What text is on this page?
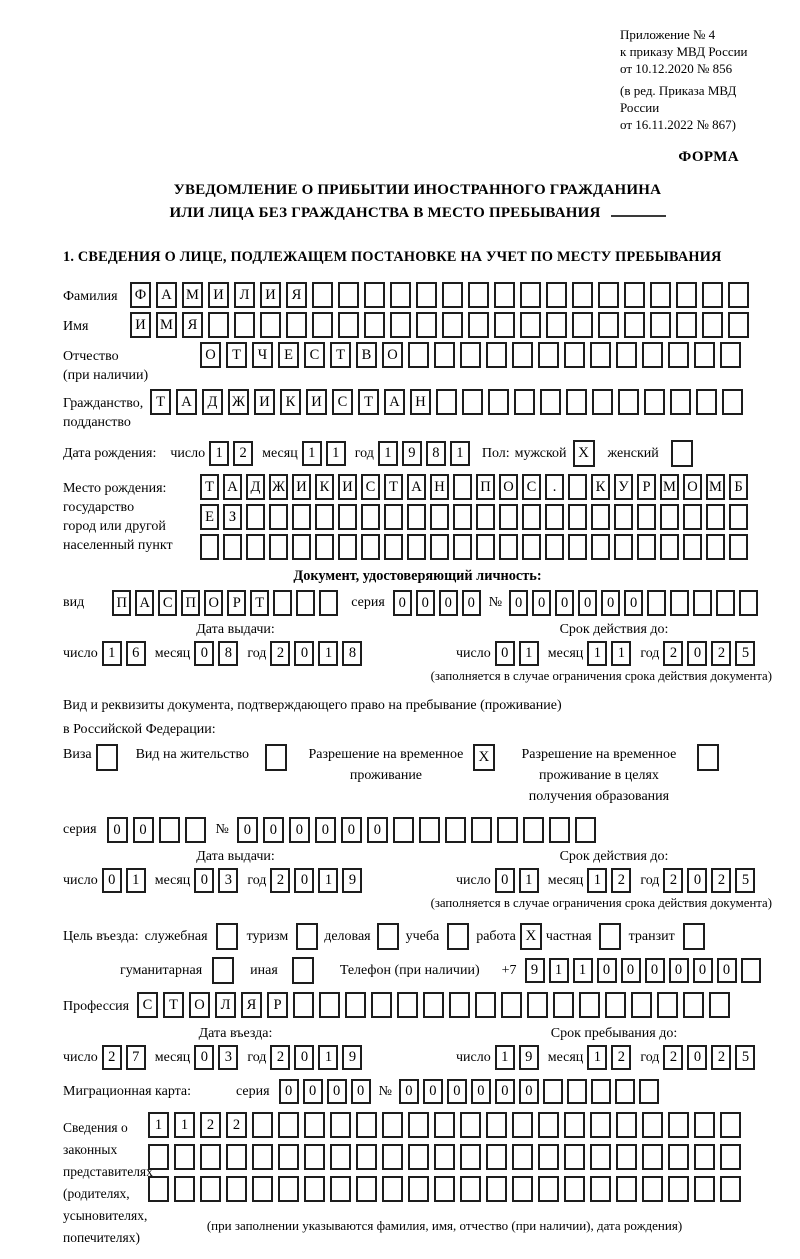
Приложение № 4
к приказу МВД России
от 10.12.2020 № 856
(в ред. Приказа МВД России
от 16.11.2022 № 867)
ФОРМА
УВЕДОМЛЕНИЕ О ПРИБЫТИИ ИНОСТРАННОГО ГРАЖДАНИНА
ИЛИ ЛИЦА БЕЗ ГРАЖДАНСТВА В МЕСТО ПРЕБЫВАНИЯ
1. СВЕДЕНИЯ О ЛИЦЕ, ПОДЛЕЖАЩЕМ ПОСТАНОВКЕ НА УЧЕТ ПО МЕСТУ ПРЕБЫВАНИЯ
Фамилия	Ф	А М И	Л	И	Я
Имя	И М	Я
Отчество
(при наличии)
О	Т	Ч	Е	С	Т	В	О
Гражданство,
подданство
Т	А	Д	Ж И	К	И	С	Т	А	Н
Дата рождения: число 1	2	месяц 1	1	год 1	9	8	1	Пол: мужской X	женский
Место рождения:
государство
город или другой
населенный пункт
Т А Д Ж И К И С Т А Н П О С	.	К У Р М О М Б
Е	З
Документ, удостоверяющий личность:
вид П А С П О Р	Т	серия 0	0	0	0 № 0	0	0	0	0	0
Дата выдачи:
число 1	6	месяц 0	8	год 2	0	1	8
Срок действия до:
число 0	1	месяц 1	1	год 2	0	2	5
(заполняется в случае ограничения срока действия документа)
Вид и реквизиты документа, подтверждающего право на пребывание (проживание)
в Российской Федерации:
Виза	Вид на жительство	Разрешение на временное проживание
X	Разрешение на временное проживание в целях получения образования
серия	0	0	№	0	0	0	0	0	0
Дата выдачи:
число 0	1	месяц 0	3	год 2	0	1	9
Срок действия до:
число 0	1	месяц 1	2	год 2	0	2	5
(заполняется в случае ограничения срока действия документа)
Цель въезда: служебная	туризм	деловая	учеба	работа X частная	транзит
гуманитарная	иная	Телефон (при наличии) +7 9	1	1	0	0	0	0	0	0
Профессия С	Т	О	Л	Я	Р
Дата въезда:
число 2	7	месяц 0	3	год 2	0	1	9
Срок пребывания до:
число 1	9	месяц 1	2	год 2	0	2	5
Миграционная карта:	серия	0	0	0	0	№ 0	0	0	0	0	0
Сведения о
законных
представителях
(родителях,
усыновителях,
попечителях)
1	1	2	2
(при заполнении указываются фамилия, имя, отчество (при наличии), дата рождения)
